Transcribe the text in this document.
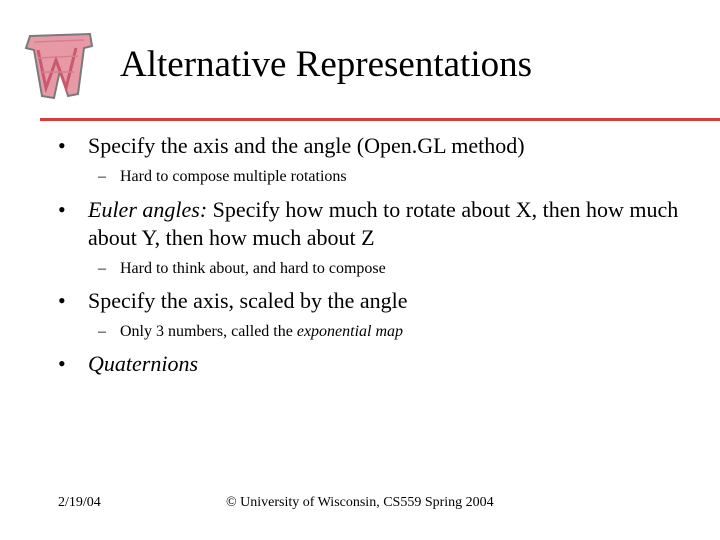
Alternative Representations
• Specify the axis and the angle (Open.GL method)
– Hard to compose multiple rotations
• Euler angles: Specify how much to rotate about X, then how much about Y, then how much about Z
– Hard to think about, and hard to compose
• Specify the axis, scaled by the angle
– Only 3 numbers, called the exponential map
• Quaternions
2/19/04	© University of Wisconsin, CS559 Spring 2004
